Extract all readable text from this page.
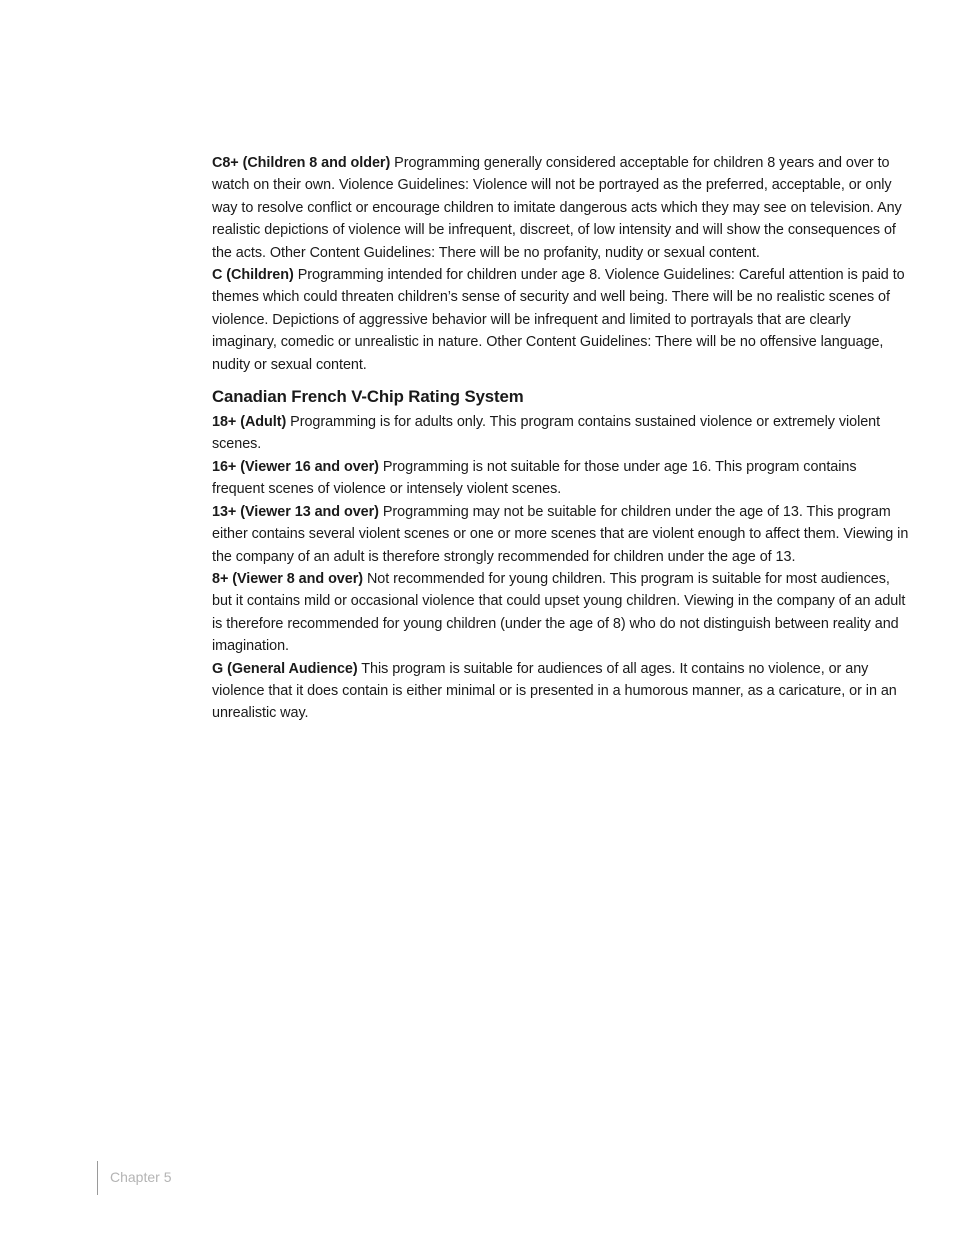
C8+ (Children 8 and older) Programming generally considered acceptable for children 8 years and over to watch on their own. Violence Guidelines: Violence will not be portrayed as the preferred, acceptable, or only way to resolve conflict or encourage children to imitate dangerous acts which they may see on television. Any realistic depictions of violence will be infrequent, discreet, of low intensity and will show the consequences of the acts. Other Content Guidelines: There will be no profanity, nudity or sexual content.

C (Children) Programming intended for children under age 8. Violence Guidelines: Careful attention is paid to themes which could threaten children’s sense of security and well being. There will be no realistic scenes of violence. Depictions of aggressive behavior will be infrequent and limited to portrayals that are clearly imaginary, comedic or unrealistic in nature. Other Content Guidelines: There will be no offensive language, nudity or sexual content.

Canadian French V-Chip Rating System

18+ (Adult) Programming is for adults only. This program contains sustained violence or extremely violent scenes.

16+ (Viewer 16 and over) Programming is not suitable for those under age 16. This program contains frequent scenes of violence or intensely violent scenes.

13+ (Viewer 13 and over) Programming may not be suitable for children under the age of 13. This program either contains several violent scenes or one or more scenes that are violent enough to affect them. Viewing in the company of an adult is therefore strongly recommended for children under the age of 13.

8+ (Viewer 8 and over) Not recommended for young children. This program is suitable for most audiences, but it contains mild or occasional violence that could upset young children. Viewing in the company of an adult is therefore recommended for young children (under the age of 8) who do not distinguish between reality and imagination.

G (General Audience) This program is suitable for audiences of all ages. It contains no violence, or any violence that it does contain is either minimal or is presented in a humorous manner, as a caricature, or in an unrealistic way.

Chapter 5
